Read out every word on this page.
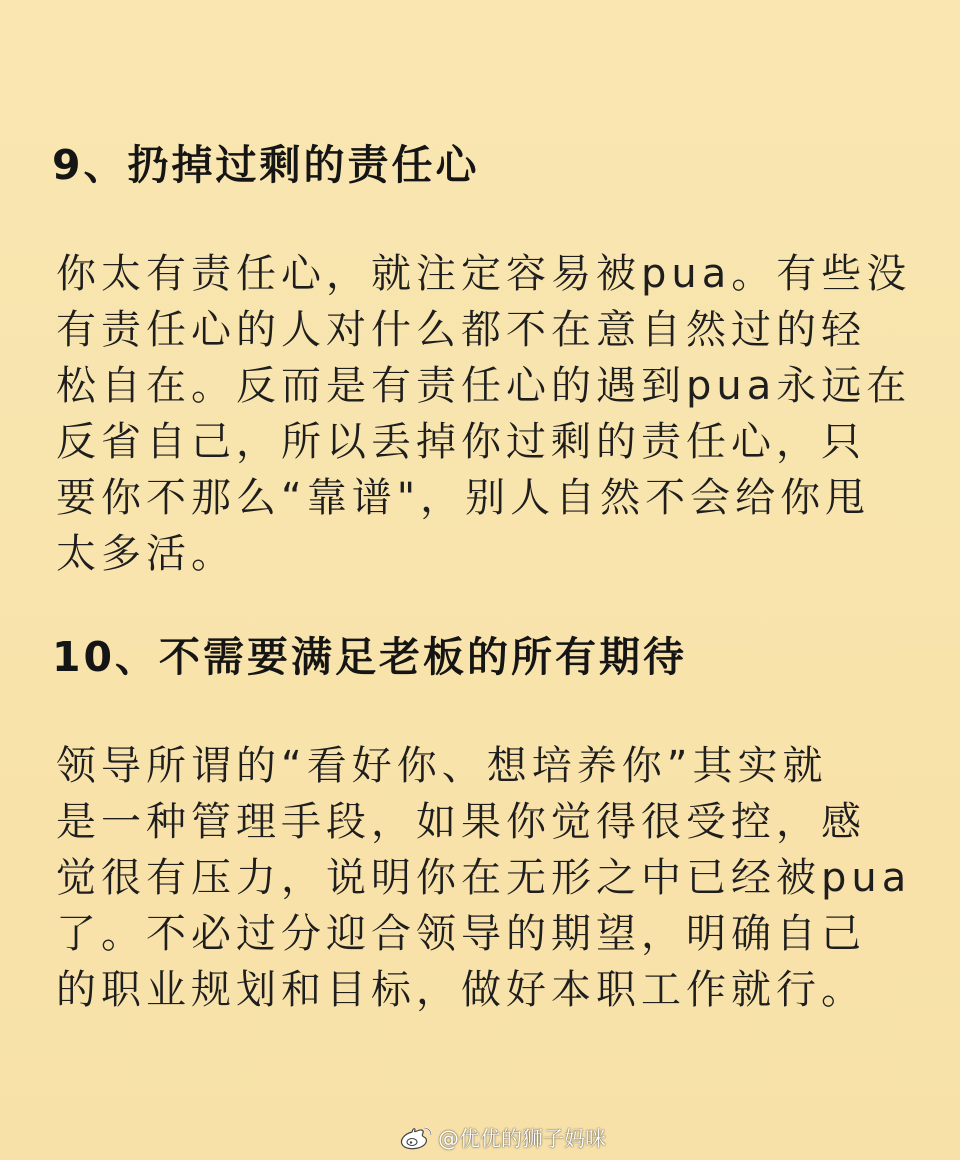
9、扔掉过剩的责任心

你太有责任心，就注定容易被pua。有些没
有责任心的人对什么都不在意自然过的轻
松自在。反而是有责任心的遇到pua永远在
反省自己，所以丢掉你过剩的责任心，只
要你不那么“靠谱"，别人自然不会给你甩
太多活。

10、不需要满足老板的所有期待

领导所谓的“看好你、想培养你”其实就
是一种管理手段，如果你觉得很受控，感
觉很有压力，说明你在无形之中已经被pua
了。不必过分迎合领导的期望，明确自己
的职业规划和目标，做好本职工作就行。

@优优的狮子妈咪
